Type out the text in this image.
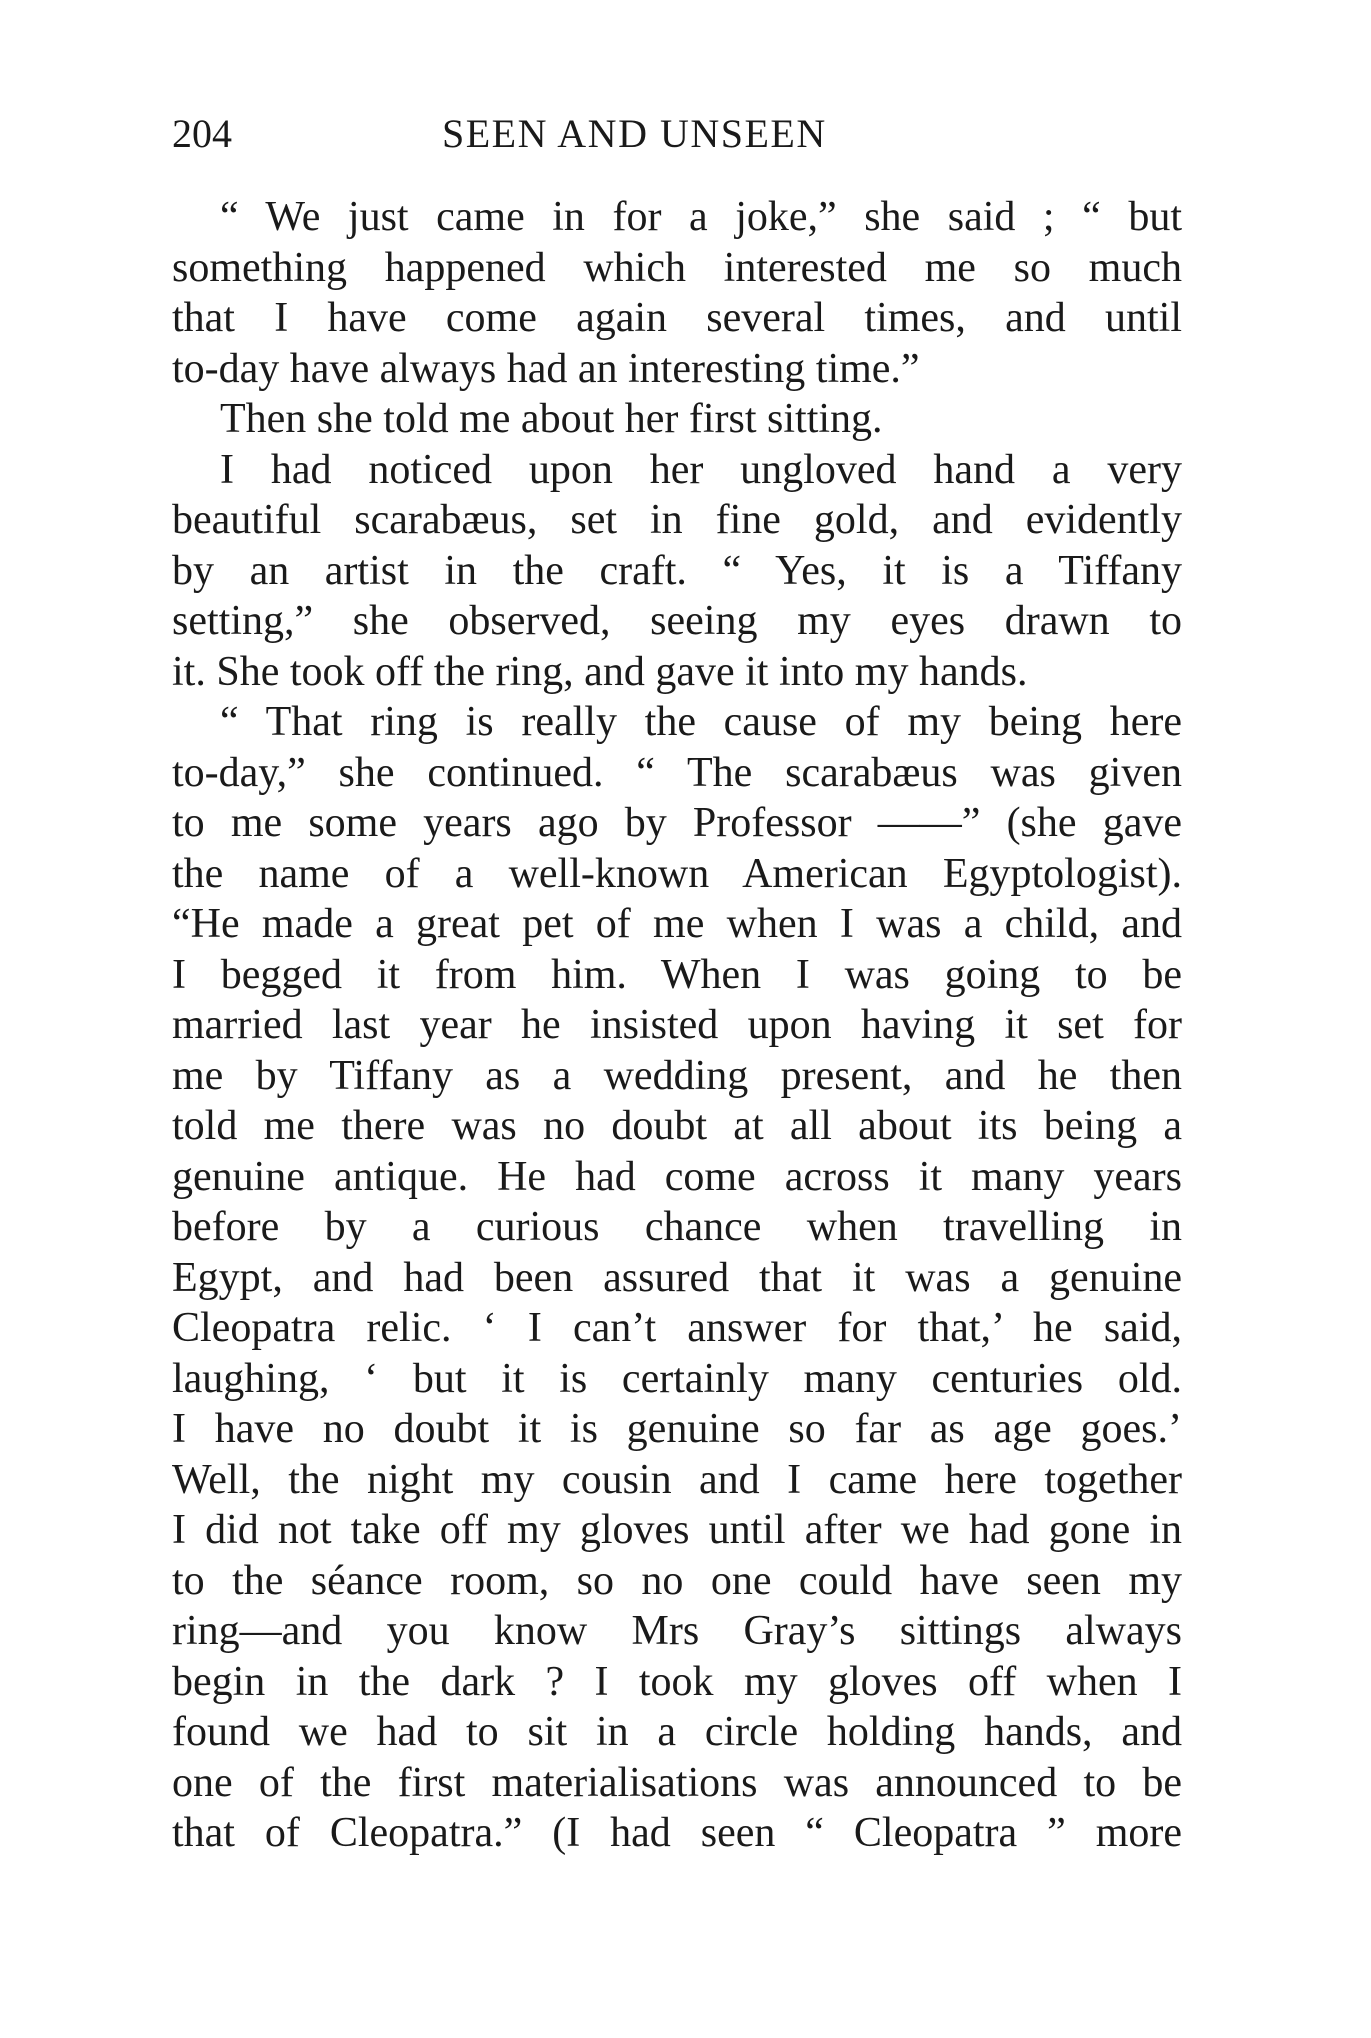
204	SEEN AND UNSEEN
“ We just came in for a joke,” she said ; “ but
something happened which interested me so much
that I have come again several times, and until
to-day have always had an interesting time.”
Then she told me about her first sitting.
I had noticed upon her ungloved hand a very
beautiful scarabæus, set in fine gold, and evidently
by an artist in the craft. “ Yes, it is a Tiffany
setting,” she observed, seeing my eyes drawn to
it. She took off the ring, and gave it into my hands.
“ That ring is really the cause of my being here
to-day,” she continued. “ The scarabæus was given
to me some years ago by Professor ——” (she gave
the name of a well-known American Egyptologist).
“He made a great pet of me when I was a child, and
I begged it from him. When I was going to be
married last year he insisted upon having it set for
me by Tiffany as a wedding present, and he then
told me there was no doubt at all about its being a
genuine antique. He had come across it many years
before by a curious chance when travelling in
Egypt, and had been assured that it was a genuine
Cleopatra relic. ‘ I can’t answer for that,’ he said,
laughing, ‘ but it is certainly many centuries old.
I have no doubt it is genuine so far as age goes.’
Well, the night my cousin and I came here together
I did not take off my gloves until after we had gone in
to the séance room, so no one could have seen my
ring—and you know Mrs Gray’s sittings always
begin in the dark ? I took my gloves off when I
found we had to sit in a circle holding hands, and
one of the first materialisations was announced to be
that of Cleopatra.” (I had seen “ Cleopatra ” more
